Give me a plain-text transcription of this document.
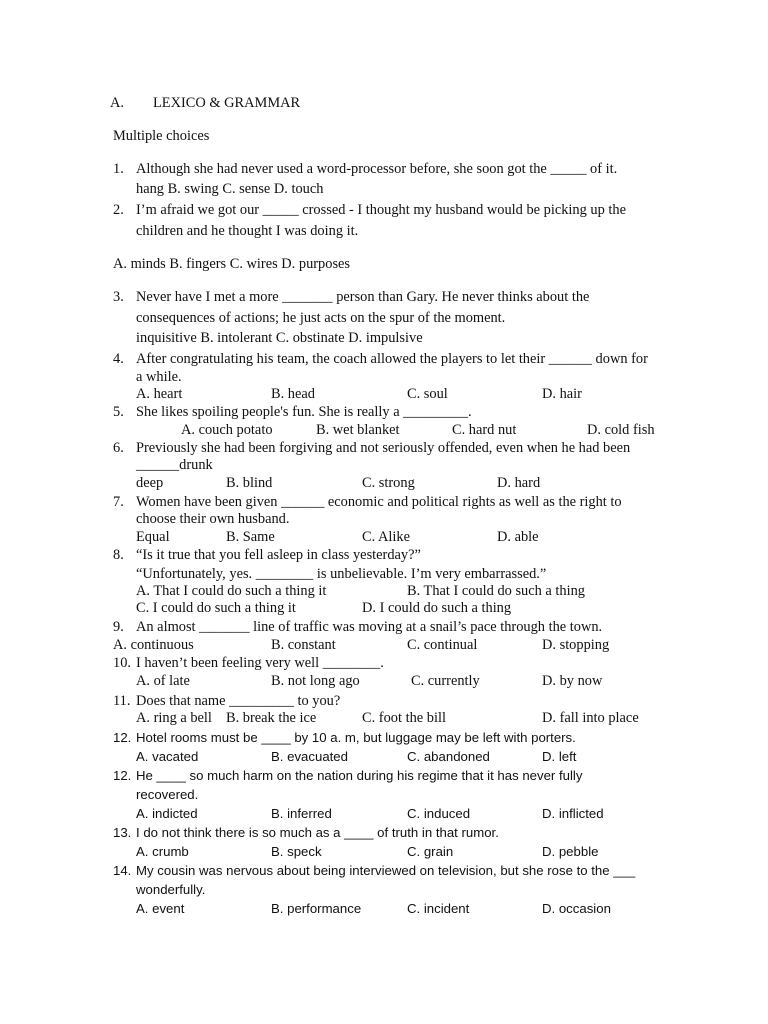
A. LEXICO & GRAMMAR
Multiple choices
1. Although she had never used a word-processor before, she soon got the _____ of it.
hang B. swing C. sense D. touch
2. I’m afraid we got our _____ crossed - I thought my husband would be picking up the
children and he thought I was doing it.
A. minds B. fingers C. wires D. purposes
3. Never have I met a more _______ person than Gary. He never thinks about the
consequences of actions; he just acts on the spur of the moment.
inquisitive B. intolerant C. obstinate D. impulsive
4. After congratulating his team, the coach allowed the players to let their ______ down for
a while.
A. heart	B. head	C. soul	D. hair
5. She likes spoiling people's fun. She is really a _________.
A. couch potato	B. wet blanket	C. hard nut	D. cold fish
6. Previously she had been forgiving and not seriously offended, even when he had been
______drunk
deep	B. blind	C. strong	D. hard
7. Women have been given ______ economic and political rights as well as the right to
choose their own husband.
Equal	B. Same	C. Alike	D. able
8. “Is it true that you fell asleep in class yesterday?”
“Unfortunately, yes. ________ is unbelievable. I’m very embarrassed.”
A. That I could do such a thing it	B. That I could do such a thing
C. I could do such a thing it	D. I could do such a thing
9. An almost _______ line of traffic was moving at a snail’s pace through the town.
A. continuous	B. constant	C. continual	D. stopping
10. I haven’t been feeling very well ________.
A. of late	B. not long ago	C. currently	D. by now
11. Does that name _________ to you?
A. ring a bell B. break the ice	C. foot the bill	D. fall into place
12. Hotel rooms must be ____ by 10 a. m, but luggage may be left with porters.
A. vacated	B. evacuated	C. abandoned	D. left
12. He ____ so much harm on the nation during his regime that it has never fully
recovered.
A. indicted	B. inferred	C. induced	D. inflicted
13. I do not think there is so much as a ____ of truth in that rumor.
A. crumb	B. speck	C. grain	D. pebble
14. My cousin was nervous about being interviewed on television, but she rose to the ___
wonderfully.
A. event	B. performance	C. incident	D. occasion
